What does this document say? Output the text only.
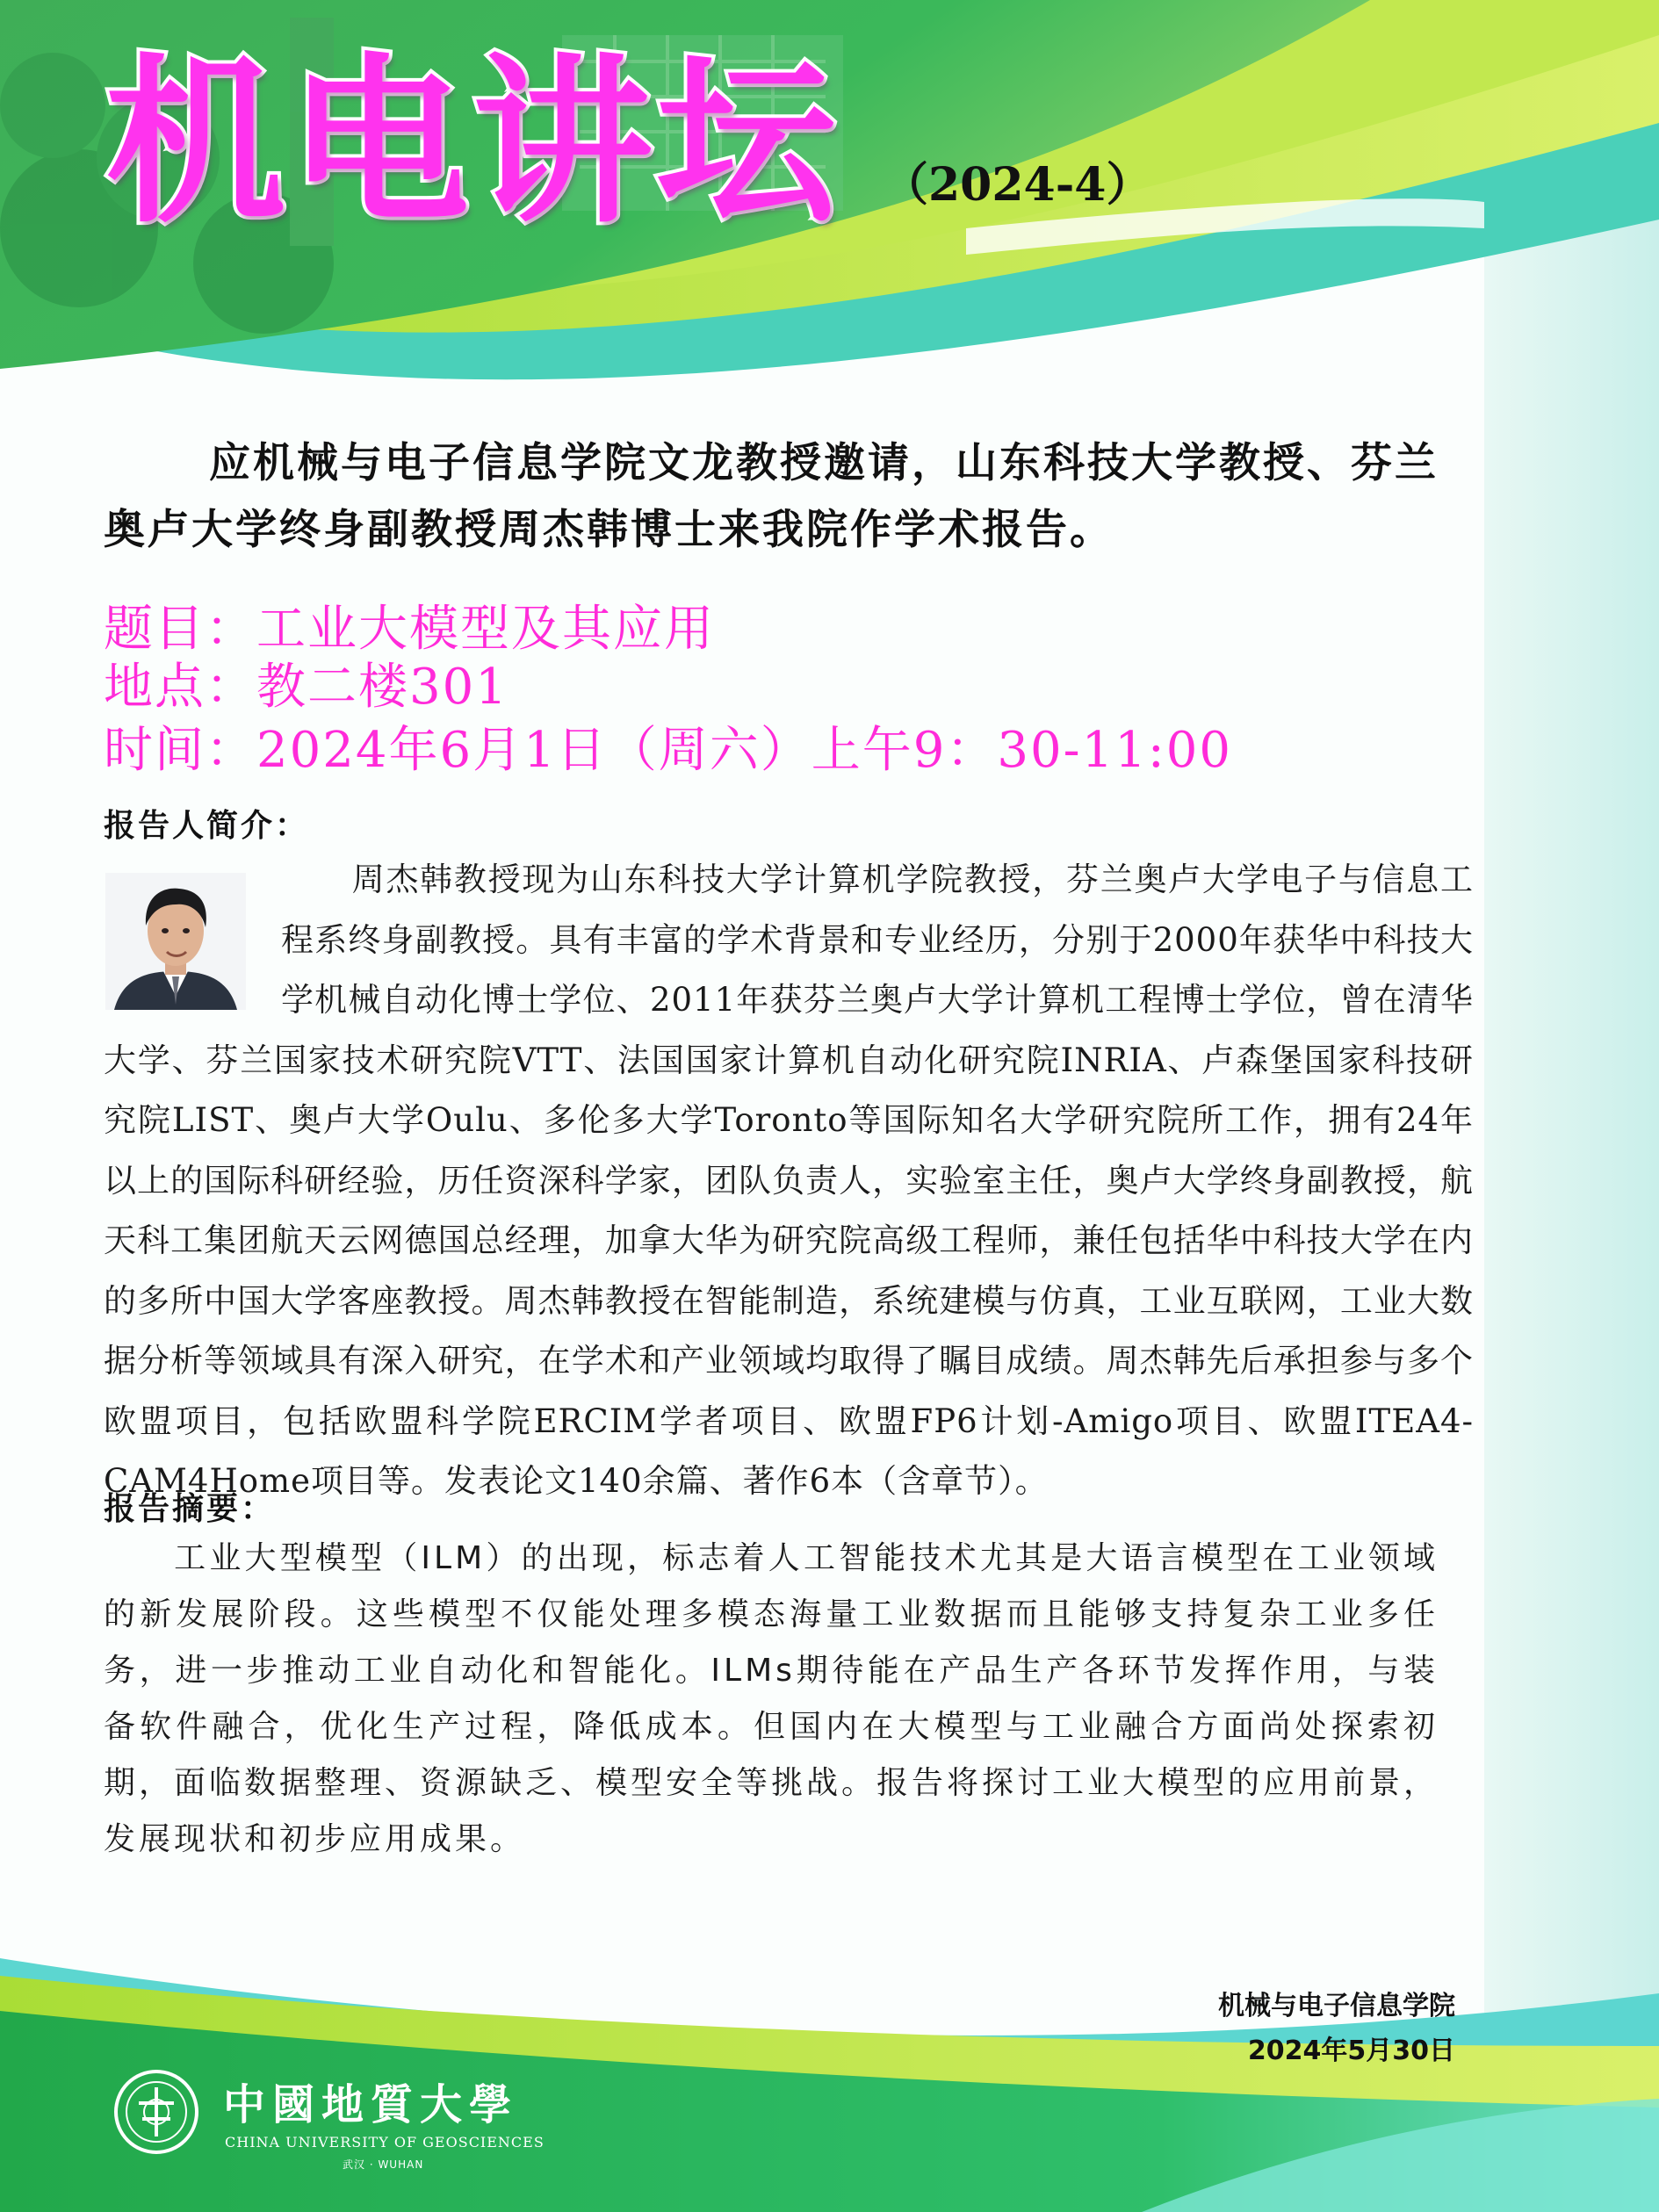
机电讲坛 （2024-4）
应机械与电子信息学院文龙教授邀请，山东科技大学教授、芬兰奥卢大学终身副教授周杰韩博士来我院作学术报告。
题目：工业大模型及其应用
地点：教二楼301
时间：2024年6月1日（周六）上午9：30-11:00
报告人简介：
周杰韩教授现为山东科技大学计算机学院教授，芬兰奥卢大学电子与信息工程系终身副教授。具有丰富的学术背景和专业经历，分别于2000年获华中科技大学机械自动化博士学位、2011年获芬兰奥卢大学计算机工程博士学位，曾在清华大学、芬兰国家技术研究院VTT、法国国家计算机自动化研究院INRIA、卢森堡国家科技研究院LIST、奥卢大学Oulu、多伦多大学Toronto等国际知名大学研究院所工作，拥有24年以上的国际科研经验，历任资深科学家，团队负责人，实验室主任，奥卢大学终身副教授，航天科工集团航天云网德国总经理，加拿大华为研究院高级工程师，兼任包括华中科技大学在内的多所中国大学客座教授。周杰韩教授在智能制造，系统建模与仿真，工业互联网，工业大数据分析等领域具有深入研究，在学术和产业领域均取得了瞩目成绩。周杰韩先后承担参与多个欧盟项目，包括欧盟科学院ERCIM学者项目、欧盟FP6计划-Amigo项目、欧盟ITEA4-CAM4Home项目等。发表论文140余篇、著作6本（含章节）。
报告摘要：
工业大型模型（ILM）的出现，标志着人工智能技术尤其是大语言模型在工业领域的新发展阶段。这些模型不仅能处理多模态海量工业数据而且能够支持复杂工业多任务，进一步推动工业自动化和智能化。ILMs期待能在产品生产各环节发挥作用，与装备软件融合，优化生产过程，降低成本。但国内在大模型与工业融合方面尚处探索初期，面临数据整理、资源缺乏、模型安全等挑战。报告将探讨工业大模型的应用前景，发展现状和初步应用成果。
机械与电子信息学院
2024年5月30日
中國地質大學
CHINA UNIVERSITY OF GEOSCIENCES
武汉 · WUHAN
